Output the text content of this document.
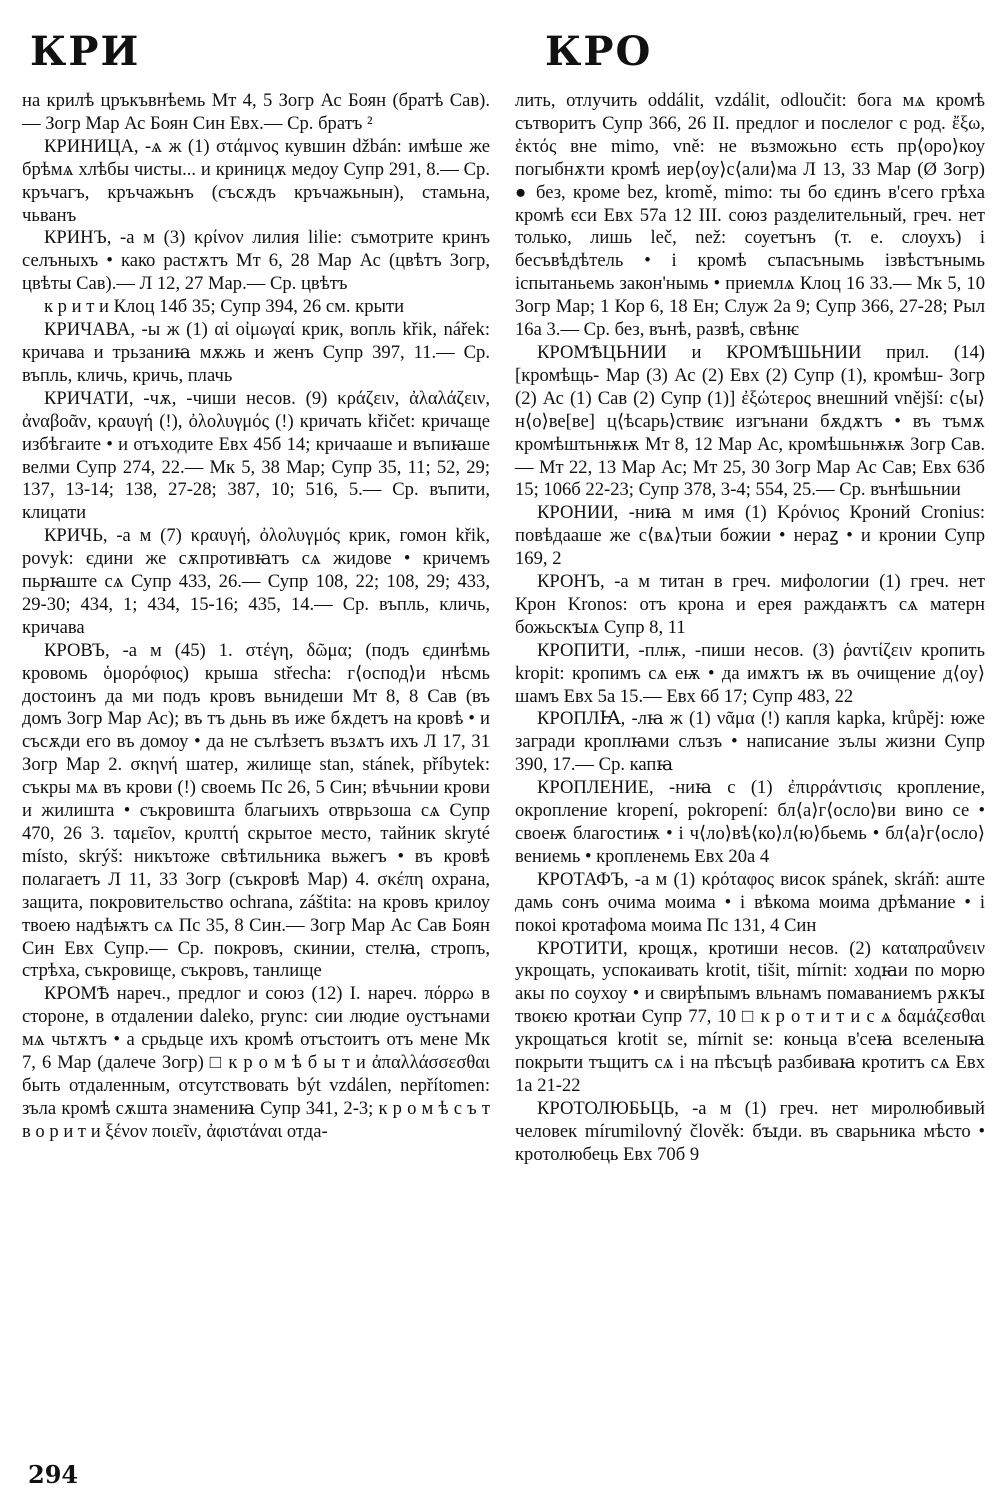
КРИ	КРО

на крилѣ цръкъвнѣемь Мт 4, 5 Зогр Ас Боян (братѣ Сав).— Зогр Мар Ас Боян Син Евх.— Ср. братъ ²

КРИНИЦА, -ѧ ж (1) στάμνος кувшин džbán: имѣше же брѣмѧ хлѣбы чисты... и криницѫ медоу Супр 291, 8.— Ср. кръчагъ, кръчажьнъ (съсѫдъ кръчажьнын), стамьна, чьванъ

КРИНЪ, -а м (3) κρίνον лилия lilie: съмотрите кринъ селъныхъ • како растѫтъ Мт 6, 28 Мар Ас (цвѣтъ Зогр, цвѣты Сав).— Л 12, 27 Мар.— Ср. цвѣтъ

к р и т и Клоц 14б 35; Супр 394, 26 см. крыти

КРИЧАВА, -ы ж (1) αἱ οἰμωγαί крик, вопль křik, nářek: кричава и трьзаниꙗ мѫжь и женъ Супр 397, 11.— Ср. въпль, кличь, кричь, плачь

КРИЧАТИ, -чѫ, -чиши несов. (9) κράζειν, ἀλαλάζειν, ἀναβοᾶν, κραυγή (!), ὀλολυγμός (!) кричать křičet: кричаще избѣгаите • и отъходите Евх 45б 14; кричааше и въпиꙗше велми Супр 274, 22.— Мк 5, 38 Мар; Супр 35, 11; 52, 29; 137, 13-14; 138, 27-28; 387, 10; 516, 5.— Ср. въпити, клицати

КРИЧЬ, -а м (7) κραυγή, ὀλολυγμός крик, гомон křik, povyk: єдини же сѫпротивꙗтъ сѧ жидове • кричемъ пьрꙗште сѧ Супр 433, 26.— Супр 108, 22; 108, 29; 433, 29-30; 434, 1; 434, 15-16; 435, 14.— Ср. въпль, кличь, кричава

КРОВЪ, -а м (45) 1. στέγη, δῶμα; (подъ єдинѣмь кровомь ὁμορόφιος) крыша střecha: г⟨оспод⟩и нѣсмь достоинъ да ми подъ кровъ вьнидеши Мт 8, 8 Сав (въ домъ Зогр Мар Ас); въ тъ дьнь въ иже бѫдетъ на кровѣ • и съсѫди его въ домоу • да не сълѣзетъ възѧтъ ихъ Л 17, 31 Зогр Мар 2. σκηνή шатер, жилище stan, stánek, příbytek: съкры мѧ въ крови (!) своемь Пс 26, 5 Син; вѣчьнии крови и жилишта • съкровишта благыихъ отврьзоша сѧ Супр 470, 26 3. ταμεῖον, κρυπτή скрытое место, тайник skryté místo, skrýš: никътоже свѣтильника вьжегъ • въ кровѣ полагаетъ Л 11, 33 Зогр (съкровѣ Мар) 4. σκέπη охрана, защита, покровительство ochrana, záštita: на кровъ крилоу твоею надѣѭтъ сѧ Пс 35, 8 Син.— Зогр Мар Ас Сав Боян Син Евх Супр.— Ср. покровъ, скинии, стелꙗ, стропъ, стрѣха, съкровище, съкровъ, танлище

КРОМѢ нареч., предлог и союз (12) I. нареч. πόρρω в стороне, в отдалении daleko, prync: сии людие оустънами мѧ чьтѫтъ • а срьдьце ихъ кромѣ отъстоитъ отъ мене Мк 7, 6 Мар (далече Зогр) □ к р о м ѣ б ы т и ἀπαλλάσσεσθαι быть отдаленным, отсутствовать být vzdálen, nepřítomen: зъла кромѣ сѫшта знамениꙗ Супр 341, 2-3; к р о м ѣ с ъ т в о р и т и ξένον ποιεῖν, ἀφιστάναι отда-

лить, отлучить oddálit, vzdálit, odloučit: бога мѧ кромѣ сътворитъ Супр 366, 26 II. предлог и послелог с род. ἔξω, ἐκτός вне mimo, vně: не възможьно єсть пр⟨оро⟩коу погыбнѫти кромѣ иер⟨оу⟩с⟨али⟩ма Л 13, 33 Мар (Ø Зогр) ● без, кроме bez, kromě, mimo: ты бо єдинъ в'сего грѣха кромѣ єси Евх 57а 12 III. союз разделительный, греч. нет только, лишь leč, než: соуетънъ (т. е. слоухъ) і бесъвѣдѣтель • і кромѣ съпасънымь ізвѣстънымь іспытаньемь закон'нымь • приемлѧ Клоц 16 33.— Мк 5, 10 Зогр Мар; 1 Кор 6, 18 Ен; Служ 2а 9; Супр 366, 27-28; Рыл 16а 3.— Ср. без, вънѣ, развѣ, свѣнѥ

КРОМѢЦЬНИИ и КРОМѢШЬНИИ прил. (14) [кромѣщь- Мар (3) Ас (2) Евх (2) Супр (1), кромѣш- Зогр (2) Ас (1) Сав (2) Супр (1)] ἐξώτερος внешний vnější: с⟨ы⟩н⟨о⟩ве[ве] ц⟨ѣсарь⟩ствиѥ изгънани бѫдѫтъ • въ тъмѫ кромѣштьнѭѭ Мт 8, 12 Мар Ас, кромѣшьнѭѭ Зогр Сав.— Мт 22, 13 Мар Ас; Мт 25, 30 Зогр Мар Ас Сав; Евх 63б 15; 106б 22-23; Супр 378, 3-4; 554, 25.— Ср. вънѣшьнии

КРОНИИ, -ниꙗ м имя (1) Κρόνιος Кроний Cronius: повѣдааше же с⟨вѧ⟩тыи божии • нераꙁ • и кронии Супр 169, 2

КРОНЪ, -а м титан в греч. мифологии (1) греч. нет Крон Kronos: отъ крона и ерея раждаѭтъ сѧ матерн божьскꙑѧ Супр 8, 11

КРОПИТИ, -плѭ, -пиши несов. (3) ῥαντίζειν кропить kropit: кропимъ сѧ еѭ • да имѫтъ ѭ въ очищение д⟨оу⟩шамъ Евх 5а 15.— Евх 6б 17; Супр 483, 22

КРОПЛꙖ, -лꙗ ж (1) νᾶμα (!) капля kapka, krůpěj: юже загради кроплꙗми слъзъ • написание зълы жизни Супр 390, 17.— Ср. капꙗ

КРОПЛЕНИЕ, -ниꙗ с (1) ἐπιρράντισις кропление, окропление kropení, pokropení: бл⟨а⟩г⟨осло⟩ви вино се • своеѭ благостиѭ • і ч⟨ло⟩вѣ⟨ко⟩л⟨ю⟩бьемь • бл⟨а⟩г⟨осло⟩вениемь • кропленемь Евх 20а 4

КРОТАФЪ, -а м (1) κρόταφος висок spánek, skráň: аште дамь сонъ очима моима • і вѣкома моима дрѣмание • і покоі кротафома моима Пс 131, 4 Син

КРОТИТИ, крощѫ, кротиши несов. (2) καταπραΰνειν укрощать, успокаивать krotit, tišit, mírnit: ходꙗи по морю акы по соухоу • и свирѣпымъ вльнамъ помаваниемъ рѫкꙑ твоѥю кротꙗи Супр 77, 10 □ к р о т и т и с ѧ δαμάζεσθαι укрощаться krotit se, mírnit se: коньца в'сеꙗ вселеныꙗ покрыти тъщитъ сѧ і на пѣсъцѣ разбиваꙗ кротитъ сѧ Евх 1а 21-22

КРОТОЛЮБЬЦЬ, -а м (1) греч. нет миролюбивый человек mírumilovný člověk: бꙑди. въ сварьника мѣсто • кротолюбець Евх 70б 9

294
